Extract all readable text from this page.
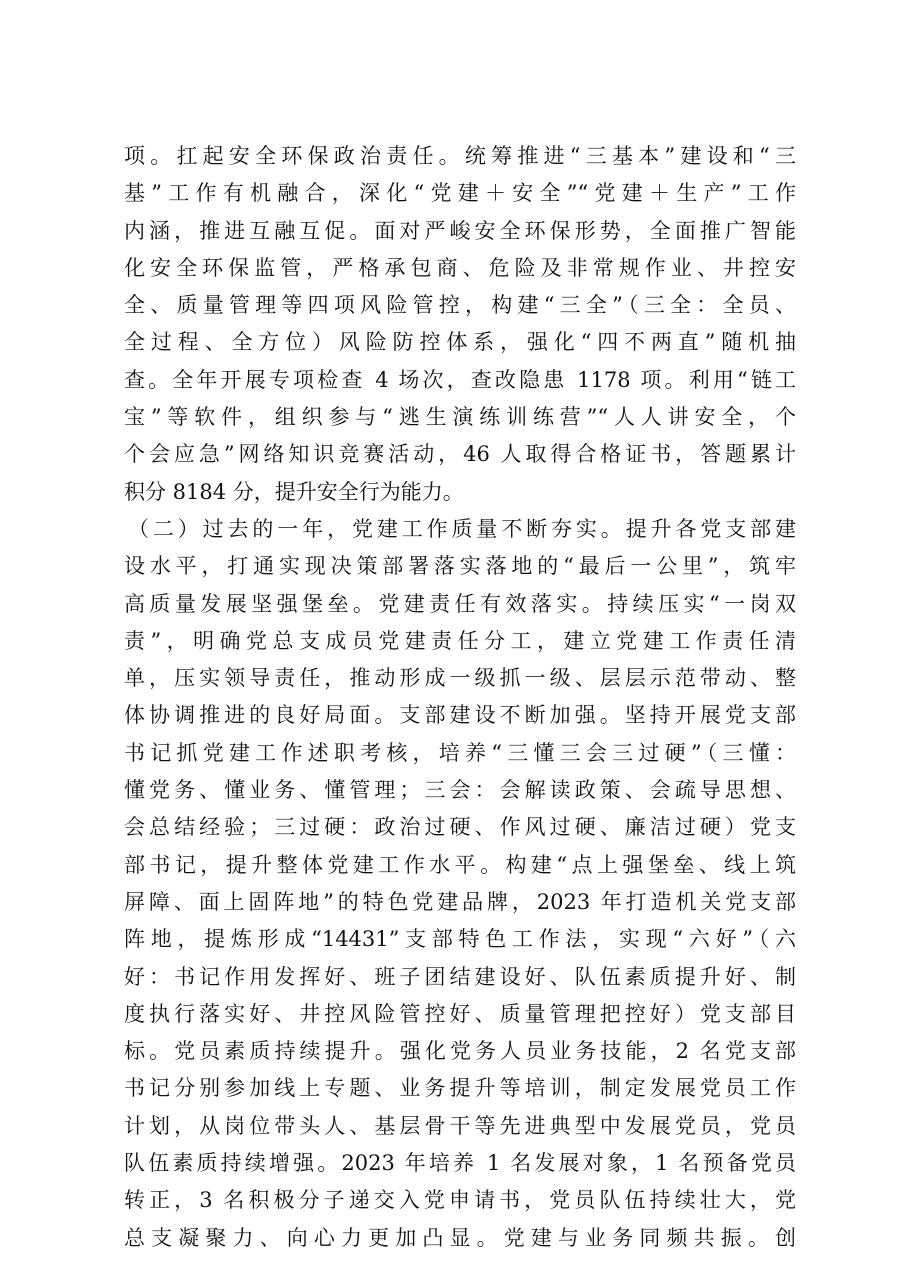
项。扛起安全环保政治责任。统筹推进“三基本”建设和“三
基”工作有机融合，深化“党建＋安全”“党建＋生产”工作
内涵，推进互融互促。面对严峻安全环保形势，全面推广智能
化安全环保监管，严格承包商、危险及非常规作业、井控安
全、质量管理等四项风险管控，构建“三全”（三全：全员、
全过程、全方位）风险防控体系，强化“四不两直”随机抽
查。全年开展专项检查 4 场次，查改隐患 1178 项。利用“链工
宝”等软件，组织参与“逃生演练训练营”“人人讲安全，个
个会应急”网络知识竞赛活动，46 人取得合格证书，答题累计
积分 8184 分，提升安全行为能力。
（二）过去的一年，党建工作质量不断夯实。提升各党支部建
设水平，打通实现决策部署落实落地的“最后一公里”，筑牢
高质量发展坚强堡垒。党建责任有效落实。持续压实“一岗双
责”，明确党总支成员党建责任分工，建立党建工作责任清
单，压实领导责任，推动形成一级抓一级、层层示范带动、整
体协调推进的良好局面。支部建设不断加强。坚持开展党支部
书记抓党建工作述职考核，培养“三懂三会三过硬”（三懂：
懂党务、懂业务、懂管理；三会：会解读政策、会疏导思想、
会总结经验；三过硬：政治过硬、作风过硬、廉洁过硬）党支
部书记，提升整体党建工作水平。构建“点上强堡垒、线上筑
屏障、面上固阵地”的特色党建品牌，2023 年打造机关党支部
阵地，提炼形成“14431”支部特色工作法，实现“六好”（六
好：书记作用发挥好、班子团结建设好、队伍素质提升好、制
度执行落实好、井控风险管控好、质量管理把控好）党支部目
标。党员素质持续提升。强化党务人员业务技能，2 名党支部
书记分别参加线上专题、业务提升等培训，制定发展党员工作
计划，从岗位带头人、基层骨干等先进典型中发展党员，党员
队伍素质持续增强。2023 年培养 1 名发展对象，1 名预备党员
转正，3 名积极分子递交入党申请书，党员队伍持续壮大，党
总支凝聚力、向心力更加凸显。党建与业务同频共振。创
